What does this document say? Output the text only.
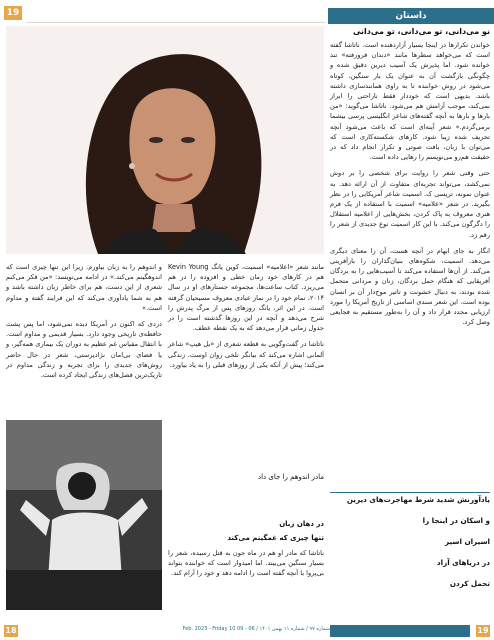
19	داستان
نو می‌دانی، تو می‌دانی، تو می‌دانی

خواندن تکرارها در اینجا بسیار آزاردهنده است. ناتاشا گفته است که می‌خواهد سطرها مانند «دندان فرورفته» تند خوانده شود. اما پذیرش یک آسیب دیرین دقیق شده و چگونگی بازگشت آن به عنوان یک بار سنگین، کوتاه می‌شود در روش خواننده تا به راوی همانندسازی داشته باشد. بدیهی است که خوددار فقط ناراحتی را ابراز نمی‌کند، موجب آرامش هم می‌شود. ناتاشا می‌گوید: «من بارها و بارها به آنچه گفته‌های شاعر انگلیسی پرسی بیشما برمی‌گردم.» شعر آینه‌ای است که باعث می‌شود آنچه تحریف شده زیبا شود. کارهای شکسته‌کاری است که می‌توان با زبان، بافت صوتی و تکرار انجام داد که در حقیقت هم‌رو می‌نویسم را رهایی داده است.

حتی وقتی شعر را روایت برای شخصی را بر دوش نمی‌کشد، می‌تواند تجربه‌ای متفاوت از آن ارائه دهد. به عنوان نمونه، تریسی ک. اسمیت شاعر آمریکایی را در نظر بگیرید. در شعر «علامیه» اسمیت با استفاده از یک فرم هنری معروف به پاک کردن، بخش‌هایی از اعلامیه استقلال را دگرگون می‌کند. با این کار اسمیت نوع جدیدی از شعر را رقم زد.

انگار به جای ابهام در آنچه هست، آن را معنای دیگری می‌دهد. اسمیت، شکوه‌های بنیان‌گذاران را بازآفرینی می‌کند. از آن‌ها استفاده می‌کند تا آسیب‌هایی را به بردگان آفریقایی که هنگام حمل بردگان، زنان و مردانی متحمل شده بودند، به دنبال خشونت و تاثیر موج‌دار آن بر انسان بوده است. این شعر سندی اساسی از تاریخ آمریکا را مورد ارزیابی مجدد قرار داد و آن را به‌طور مستقیم به فجایعی وصل کرد.

مانند شعر «اعلامیه» اسمیت، کوین یانگ Kevin Young هم در کارهای خود زمان خطی و افزوده را در هم می‌ریزد. کتاب ساعت‌ها، مجموعه جستارهای او در سال ۲۰۱۴، تمام خود را در نماز عبادی معروف مسیحیان گرفته است. در این اثر، یانگ روزهای پس از مرگ پدرش را شرح می‌دهد و آنچه در این روزها گذشته است را در جدول زمانی قرار می‌دهد که به یک نقطه عطف.

ناتاشا در گفت‌وگویی به قطعه شعری از «یل هیپ» شاعر آلمانی اشاره می‌کند که بیانگر تلخی روان اوست. زندگی می‌کند؛ پیش از آنکه یکی از روزهای قبلی را به یاد بیاورد.

و اندوهم را به زبان بیاورم. زیرا این تنها چیزی است که اندوهگینم می‌کند.» در ادامه می‌نویسد: «من فکر می‌کنم شعری از این دست، هم برای خاطر زبان داشته باشد و هم به شما یادآوری می‌کند که این فرایند گفته و مداوم است.»

دردی که اکنون در آمریکا دیده نمی‌شود، اما پس پشت حافظه‌ی تاریخی وجود دارد. بسیار قدیمی و مداوم است. با انتقال مقیاس غم عظیم به دوران یک بیماری همه‌گیر، و یا فضای بی‌امان نژادپرستی، شعر در حال حاضر روش‌های جدیدی را برای تجربه و زندگی مداوم در تاریک‌ترین فصل‌های زندگی ایجاد کرده است.

مادر اندوهم را جای داد
در دهان زبان
تنها چیزی که غمگینم می‌کند
ناتاشا که مادر او هم در ماه جون به قتل رسیده، شعر را بسیار سنگین می‌بیند. اما امیدوار است که خواننده بتواند بی‌پروا با آنچه گفته است را ادامه دهد و خود را آرام کند.
یادآورنش شدید شرط مهاجرت‌های دیرین
و اسکان در اینجا را
اسیران اسیر
در دریاهای آزاد
تحمل کردن
18	شماره ۹۷ / شماره ۱۱ بهمن ۱۴۰۱ / 06 - 09 Feb. 2023 - Friday 10	19
